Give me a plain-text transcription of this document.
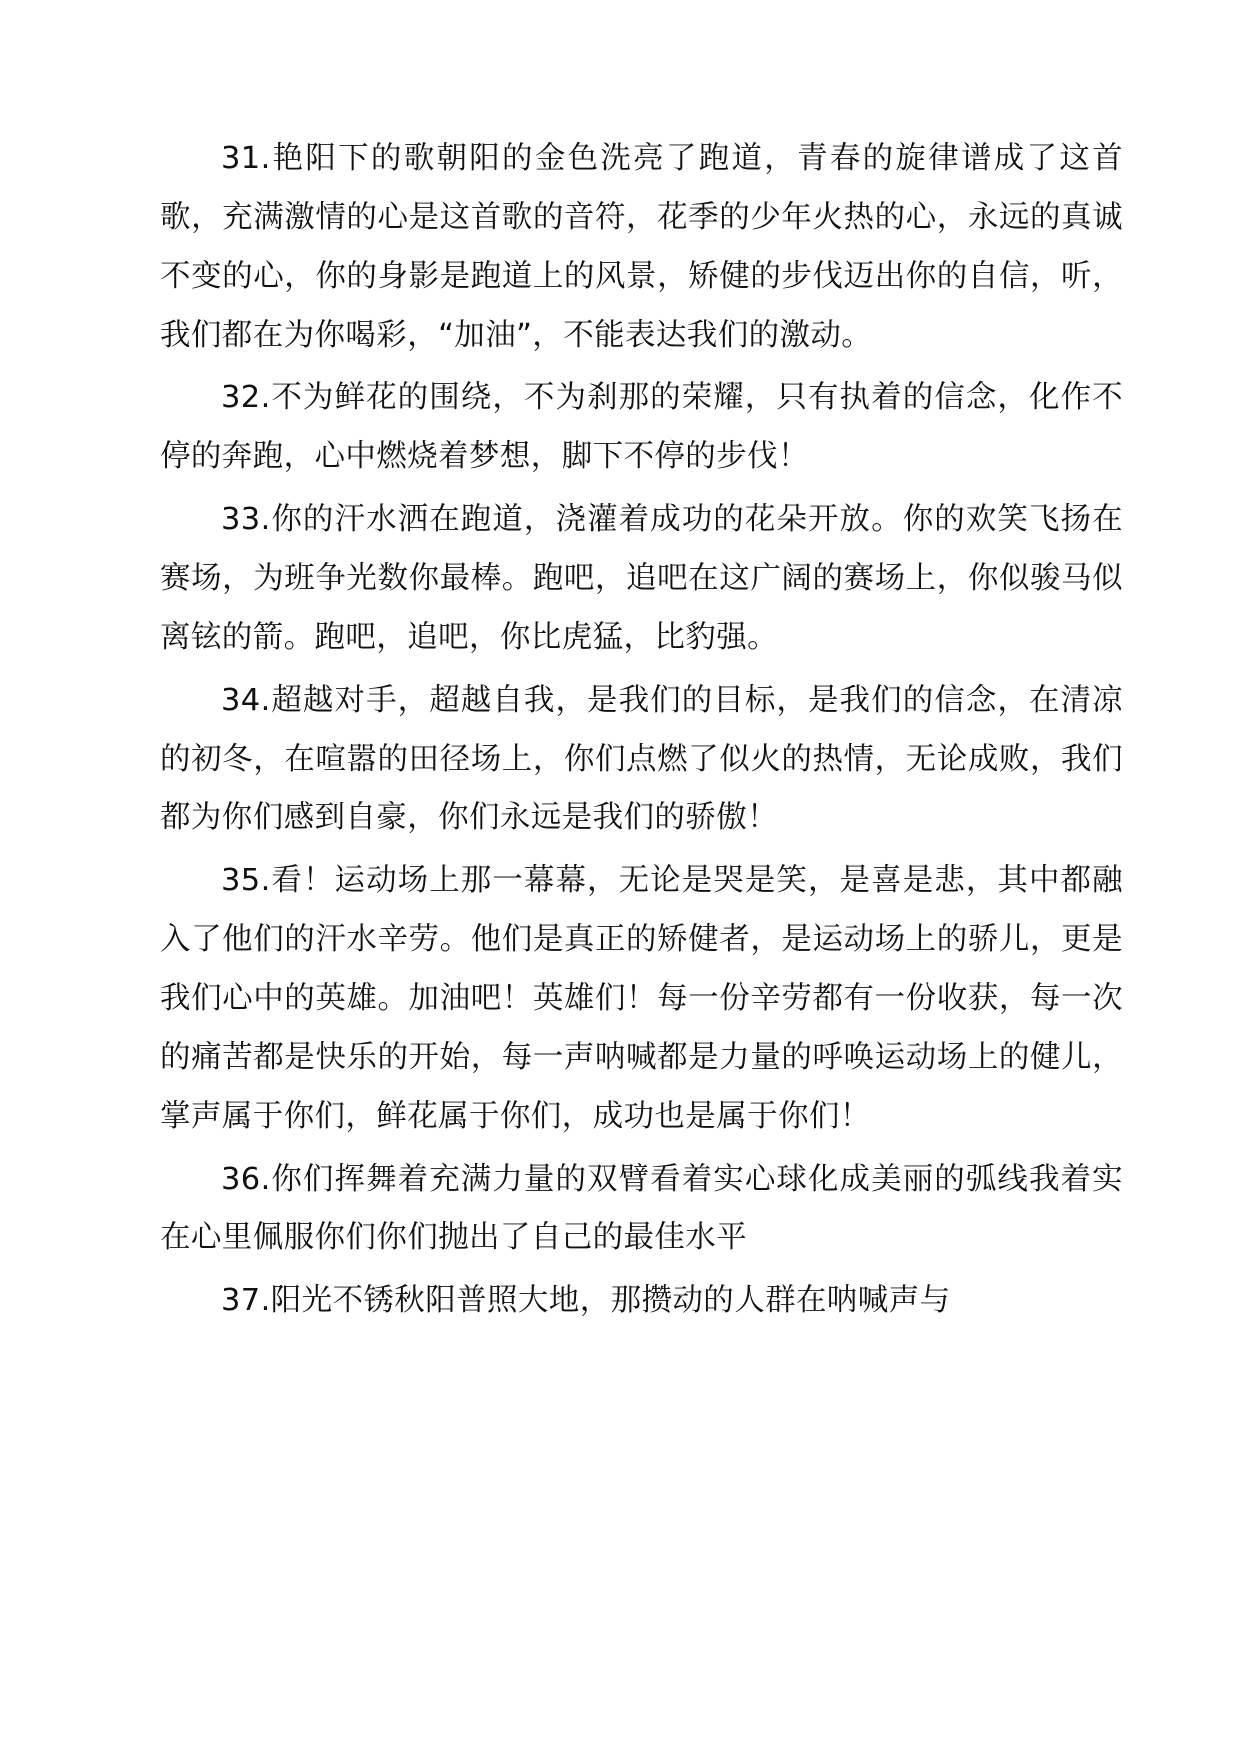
31.艳阳下的歌朝阳的金色洗亮了跑道，青春的旋律谱成了这首歌，充满激情的心是这首歌的音符，花季的少年火热的心，永远的真诚不变的心，你的身影是跑道上的风景，矫健的步伐迈出你的自信，听，我们都在为你喝彩，“加油”，不能表达我们的激动。

32.不为鲜花的围绕，不为刹那的荣耀，只有执着的信念，化作不停的奔跑，心中燃烧着梦想，脚下不停的步伐！

33.你的汗水洒在跑道，浇灌着成功的花朵开放。你的欢笑飞扬在赛场，为班争光数你最棒。跑吧，追吧在这广阔的赛场上，你似骏马似离铉的箭。跑吧，追吧，你比虎猛，比豹强。

34.超越对手，超越自我，是我们的目标，是我们的信念，在清凉的初冬，在喧嚣的田径场上，你们点燃了似火的热情，无论成败，我们都为你们感到自豪，你们永远是我们的骄傲！

35.看！运动场上那一幕幕，无论是哭是笑，是喜是悲，其中都融入了他们的汗水辛劳。他们是真正的矫健者，是运动场上的骄儿，更是我们心中的英雄。加油吧！英雄们！每一份辛劳都有一份收获，每一次的痛苦都是快乐的开始，每一声呐喊都是力量的呼唤运动场上的健儿，掌声属于你们，鲜花属于你们，成功也是属于你们！

36.你们挥舞着充满力量的双臂看着实心球化成美丽的弧线我着实在心里佩服你们你们抛出了自己的最佳水平

37.阳光不锈秋阳普照大地，那攒动的人群在呐喊声与
